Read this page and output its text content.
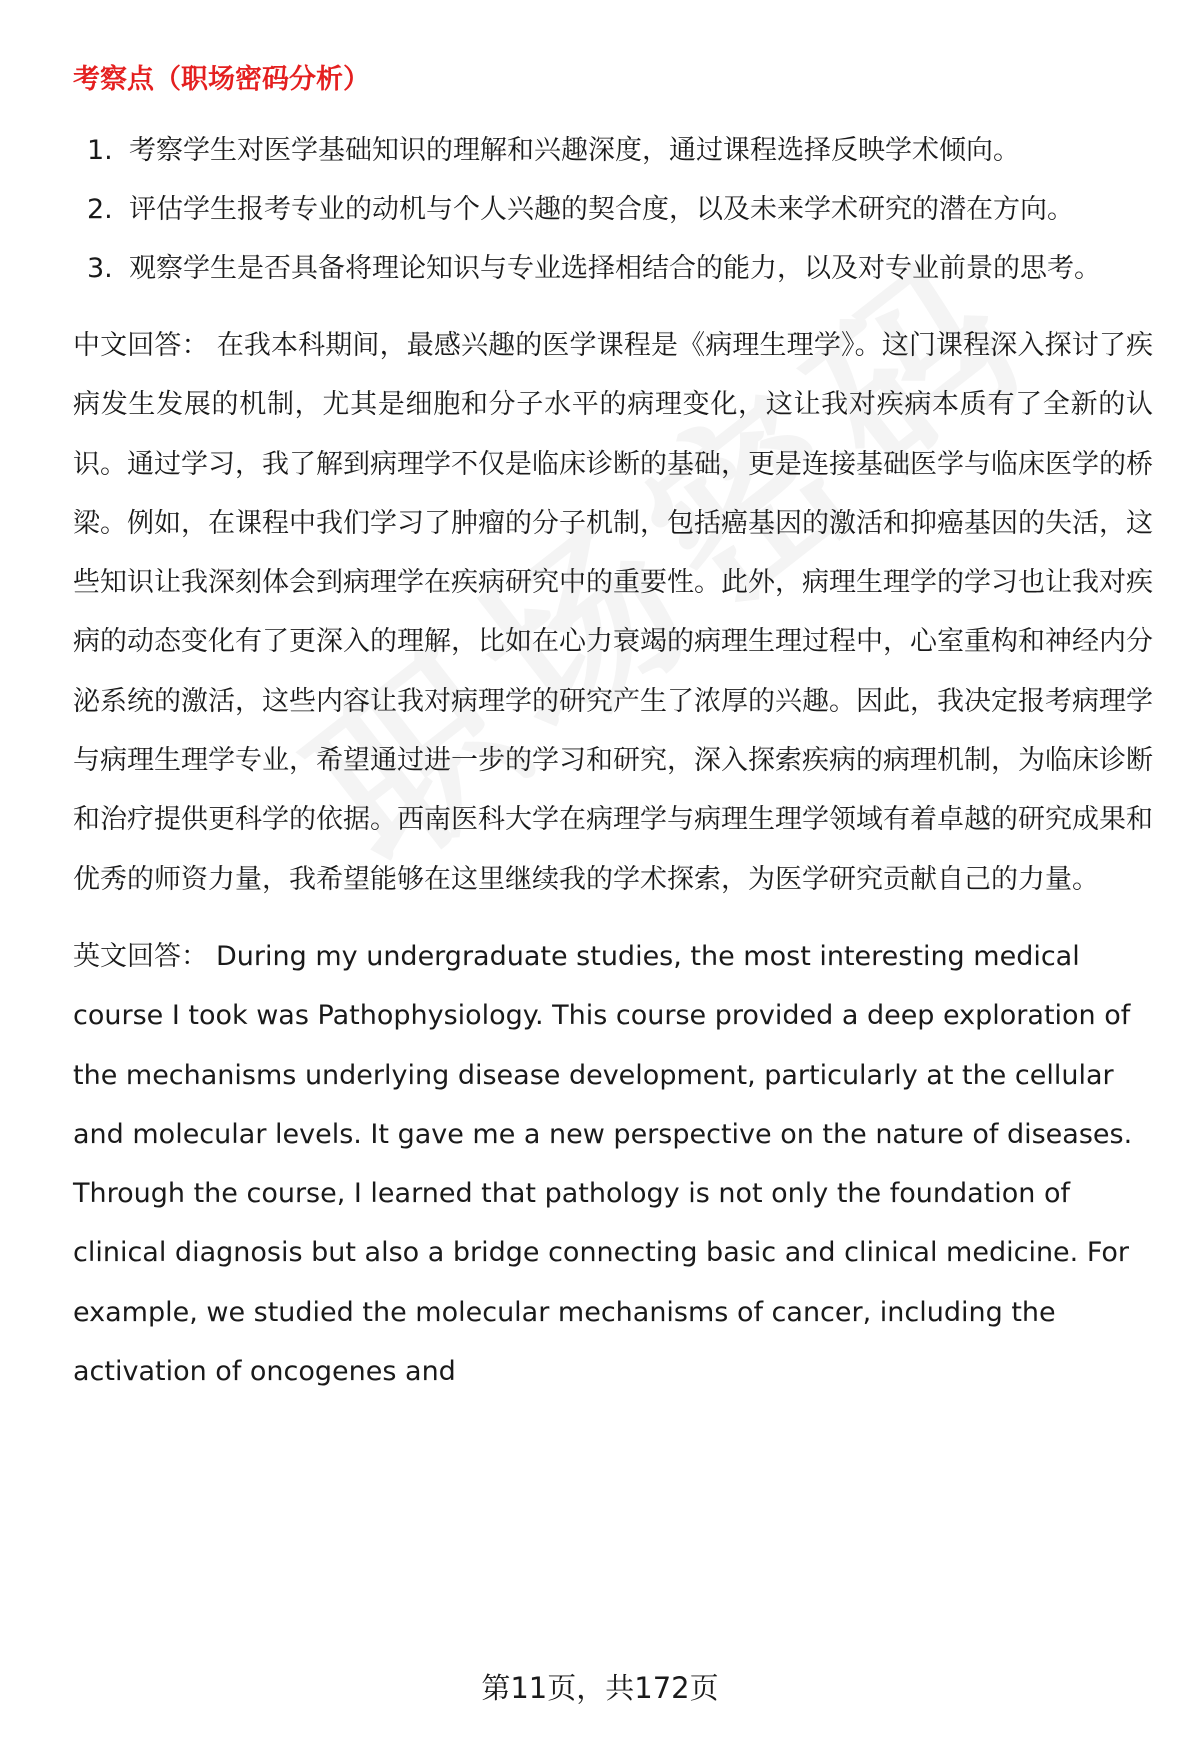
考察点（职场密码分析）
1. 考察学生对医学基础知识的理解和兴趣深度，通过课程选择反映学术倾向。
2. 评估学生报考专业的动机与个人兴趣的契合度，以及未来学术研究的潜在方向。
3. 观察学生是否具备将理论知识与专业选择相结合的能力，以及对专业前景的思考。

中文回答： 在我本科期间，最感兴趣的医学课程是《病理生理学》。这门课程深入探讨了疾病发生发展的机制，尤其是细胞和分子水平的病理变化，这让我对疾病本质有了全新的认识。通过学习，我了解到病理学不仅是临床诊断的基础，更是连接基础医学与临床医学的桥梁。例如，在课程中我们学习了肿瘤的分子机制，包括癌基因的激活和抑癌基因的失活，这些知识让我深刻体会到病理学在疾病研究中的重要性。此外，病理生理学的学习也让我对疾病的动态变化有了更深入的理解，比如在心力衰竭的病理生理过程中，心室重构和神经内分泌系统的激活，这些内容让我对病理学的研究产生了浓厚的兴趣。因此，我决定报考病理学与病理生理学专业，希望通过进一步的学习和研究，深入探索疾病的病理机制，为临床诊断和治疗提供更科学的依据。西南医科大学在病理学与病理生理学领域有着卓越的研究成果和优秀的师资力量，我希望能够在这里继续我的学术探索，为医学研究贡献自己的力量。

英文回答： During my undergraduate studies, the most interesting medical course I took was Pathophysiology. This course provided a deep exploration of the mechanisms underlying disease development, particularly at the cellular and molecular levels. It gave me a new perspective on the nature of diseases. Through the course, I learned that pathology is not only the foundation of clinical diagnosis but also a bridge connecting basic and clinical medicine. For example, we studied the molecular mechanisms of cancer, including the activation of oncogenes and

第11页，共172页
